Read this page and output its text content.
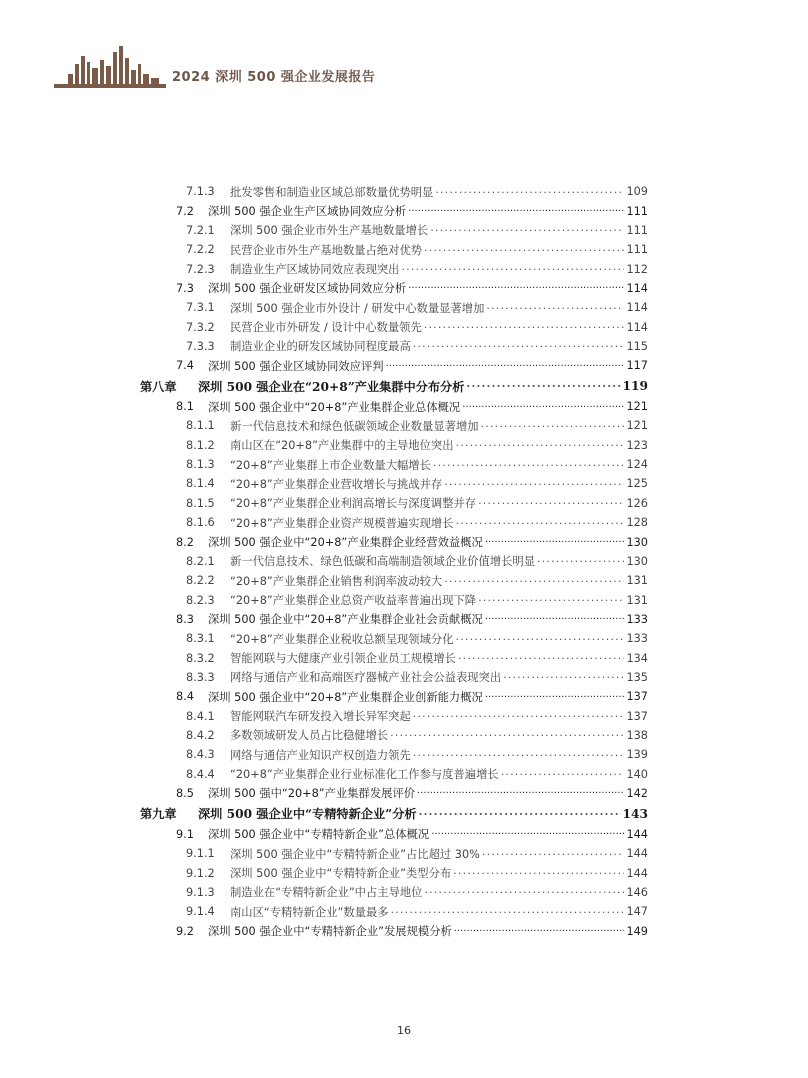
2024 深圳 500 强企业发展报告
7.1.3	批发零售和制造业区域总部数量优势明显 .....	109
7.2	深圳 500 强企业生产区域协同效应分析 .....	111
7.2.1	深圳 500 强企业市外生产基地数量增长 .....	111
7.2.2	民营企业市外生产基地数量占绝对优势 .....	111
7.2.3	制造业生产区域协同效应表现突出 .....	112
7.3	深圳 500 强企业研发区域协同效应分析 .....	114
7.3.1	深圳 500 强企业市外设计 / 研发中心数量显著增加 .....	114
7.3.2	民营企业市外研发 / 设计中心数量领先 .....	114
7.3.3	制造业企业的研发区域协同程度最高 .....	115
7.4	深圳 500 强企业区域协同效应评判 .....	117
第八章	深圳 500 强企业在“20+8”产业集群中分布分析 .....	119
8.1	深圳 500 强企业中“20+8”产业集群企业总体概况 .....	121
8.1.1	新一代信息技术和绿色低碳领域企业数量显著增加 .....	121
8.1.2	南山区在“20+8”产业集群中的主导地位突出 .....	123
8.1.3	“20+8”产业集群上市企业数量大幅增长 .....	124
8.1.4	“20+8”产业集群企业营收增长与挑战并存 .....	125
8.1.5	“20+8”产业集群企业利润高增长与深度调整并存 .....	126
8.1.6	“20+8”产业集群企业资产规模普遍实现增长 .....	128
8.2	深圳 500 强企业中“20+8”产业集群企业经营效益概况 .....	130
8.2.1	新一代信息技术、绿色低碳和高端制造领域企业价值增长明显 .....	130
8.2.2	“20+8”产业集群企业销售利润率波动较大 .....	131
8.2.3	“20+8”产业集群企业总资产收益率普遍出现下降 .....	131
8.3	深圳 500 强企业中“20+8”产业集群企业社会贡献概况 .....	133
8.3.1	“20+8”产业集群企业税收总额呈现领域分化 .....	133
8.3.2	智能网联与大健康产业引领企业员工规模增长 .....	134
8.3.3	网络与通信产业和高端医疗器械产业社会公益表现突出 .....	135
8.4	深圳 500 强企业中“20+8”产业集群企业创新能力概况 .....	137
8.4.1	智能网联汽车研发投入增长异军突起 .....	137
8.4.2	多数领域研发人员占比稳健增长 .....	138
8.4.3	网络与通信产业知识产权创造力领先 .....	139
8.4.4	“20+8”产业集群企业行业标准化工作参与度普遍增长 .....	140
8.5	深圳 500 强中“20+8”产业集群发展评价 .....	142
第九章	深圳 500 强企业中“专精特新企业”分析 .....	143
9.1	深圳 500 强企业中“专精特新企业”总体概况 .....	144
9.1.1	深圳 500 强企业中“专精特新企业”占比超过 30% .....	144
9.1.2	深圳 500 强企业中“专精特新企业”类型分布 .....	144
9.1.3	制造业在“专精特新企业”中占主导地位 .....	146
9.1.4	南山区“专精特新企业”数量最多 .....	147
9.2	深圳 500 强企业中“专精特新企业”发展规模分析 .....	149
16
